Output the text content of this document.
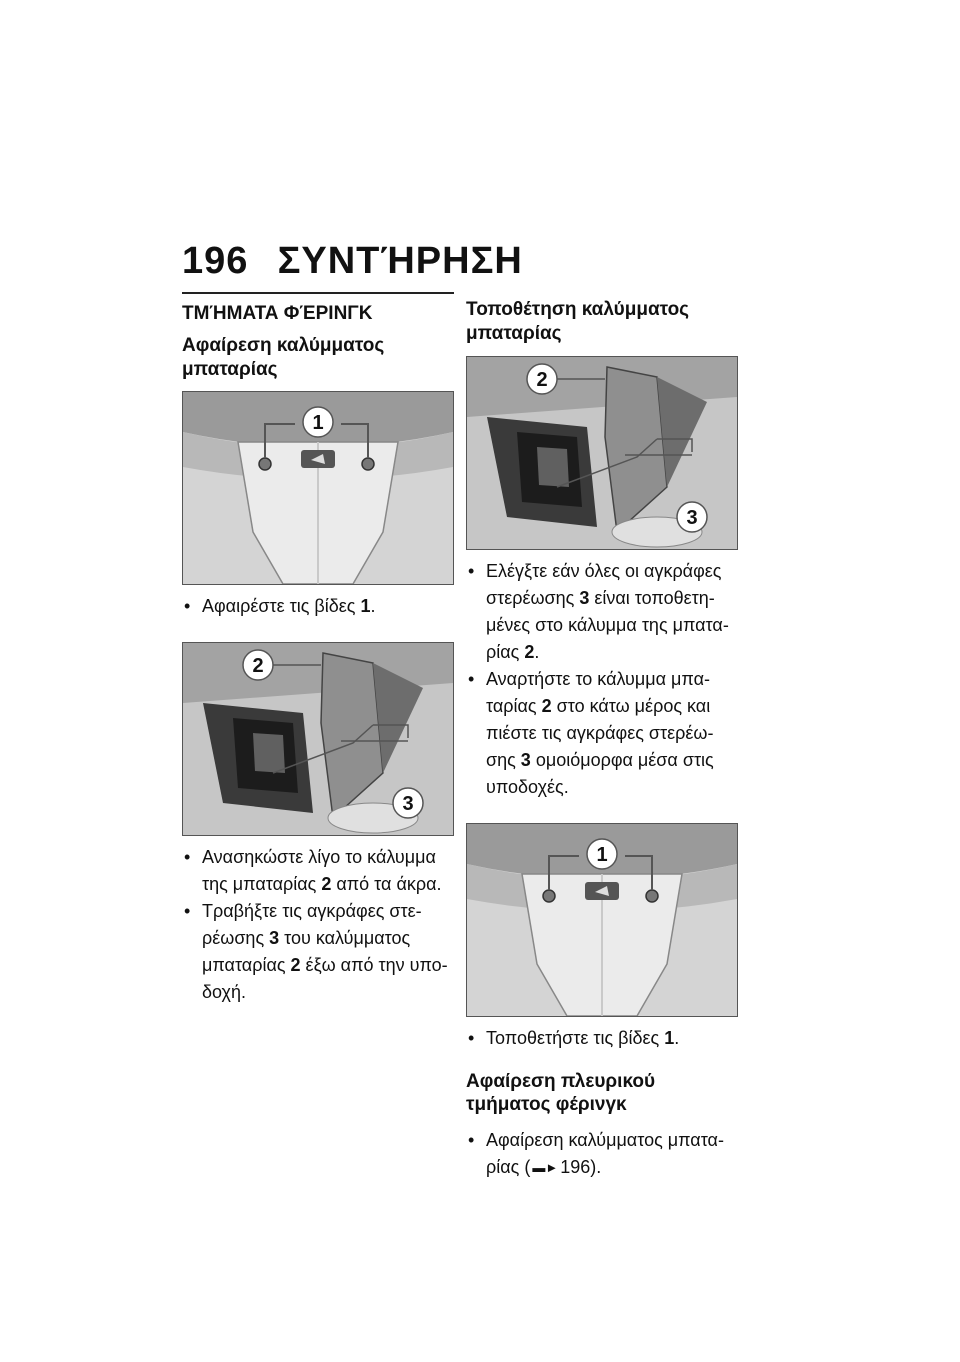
196 ΣΥΝΤΉΡΗΣΗ
ΤΜΉΜΑΤΑ ΦΈΡΙΝΓΚ
Αφαίρεση καλύμματος μπαταρίας
1
• Αφαιρέστε τις βίδες 1.
2
3
• Ανασηκώστε λίγο το κάλυμμα της μπαταρίας 2 από τα άκρα.
• Τραβήξτε τις αγκράφες στε-ρέωσης 3 του καλύμματος μπαταρίας 2 έξω από την υπο-δοχή.
Τοποθέτηση καλύμματος μπαταρίας
2
3
• Ελέγξτε εάν όλες οι αγκράφες στερέωσης 3 είναι τοποθετη-μένες στο κάλυμμα της μπατα-ρίας 2.
• Αναρτήστε το κάλυμμα μπα-ταρίας 2 στο κάτω μέρος και πιέστε τις αγκράφες στερέω-σης 3 ομοιόμορφα μέσα στις υποδοχές.
1
• Τοποθετήστε τις βίδες 1.
Αφαίρεση πλευρικού τμήματος φέρινγκ
• Αφαίρεση καλύμματος μπατα-ρίας ( ▬► 196).
